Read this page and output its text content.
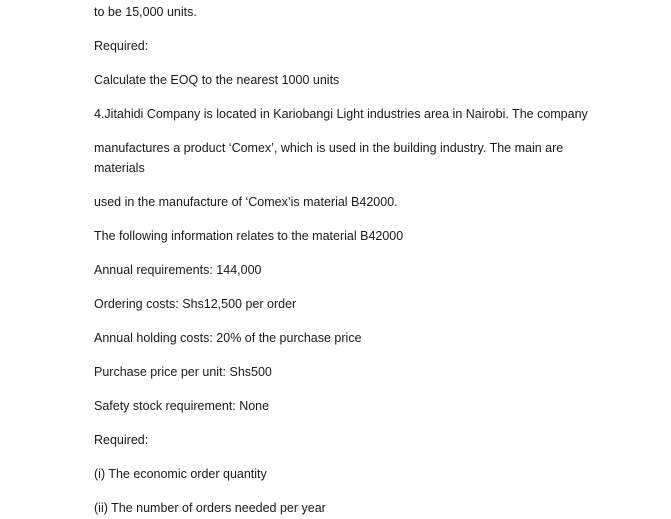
to be 15,000 units.
Required:
Calculate the EOQ to the nearest 1000 units
4.Jitahidi Company is located in Kariobangi Light industries area in Nairobi. The company
manufactures a product ‘Comex’, which is used in the building industry. The main are
materials
used in the manufacture of ‘Comex’is material B42000.
The following information relates to the material B42000
Annual requirements: 144,000
Ordering costs: Shs12,500 per order
Annual holding costs: 20% of the purchase price
Purchase price per unit: Shs500
Safety stock requirement: None
Required:
(i) The economic order quantity
(ii) The number of orders needed per year
